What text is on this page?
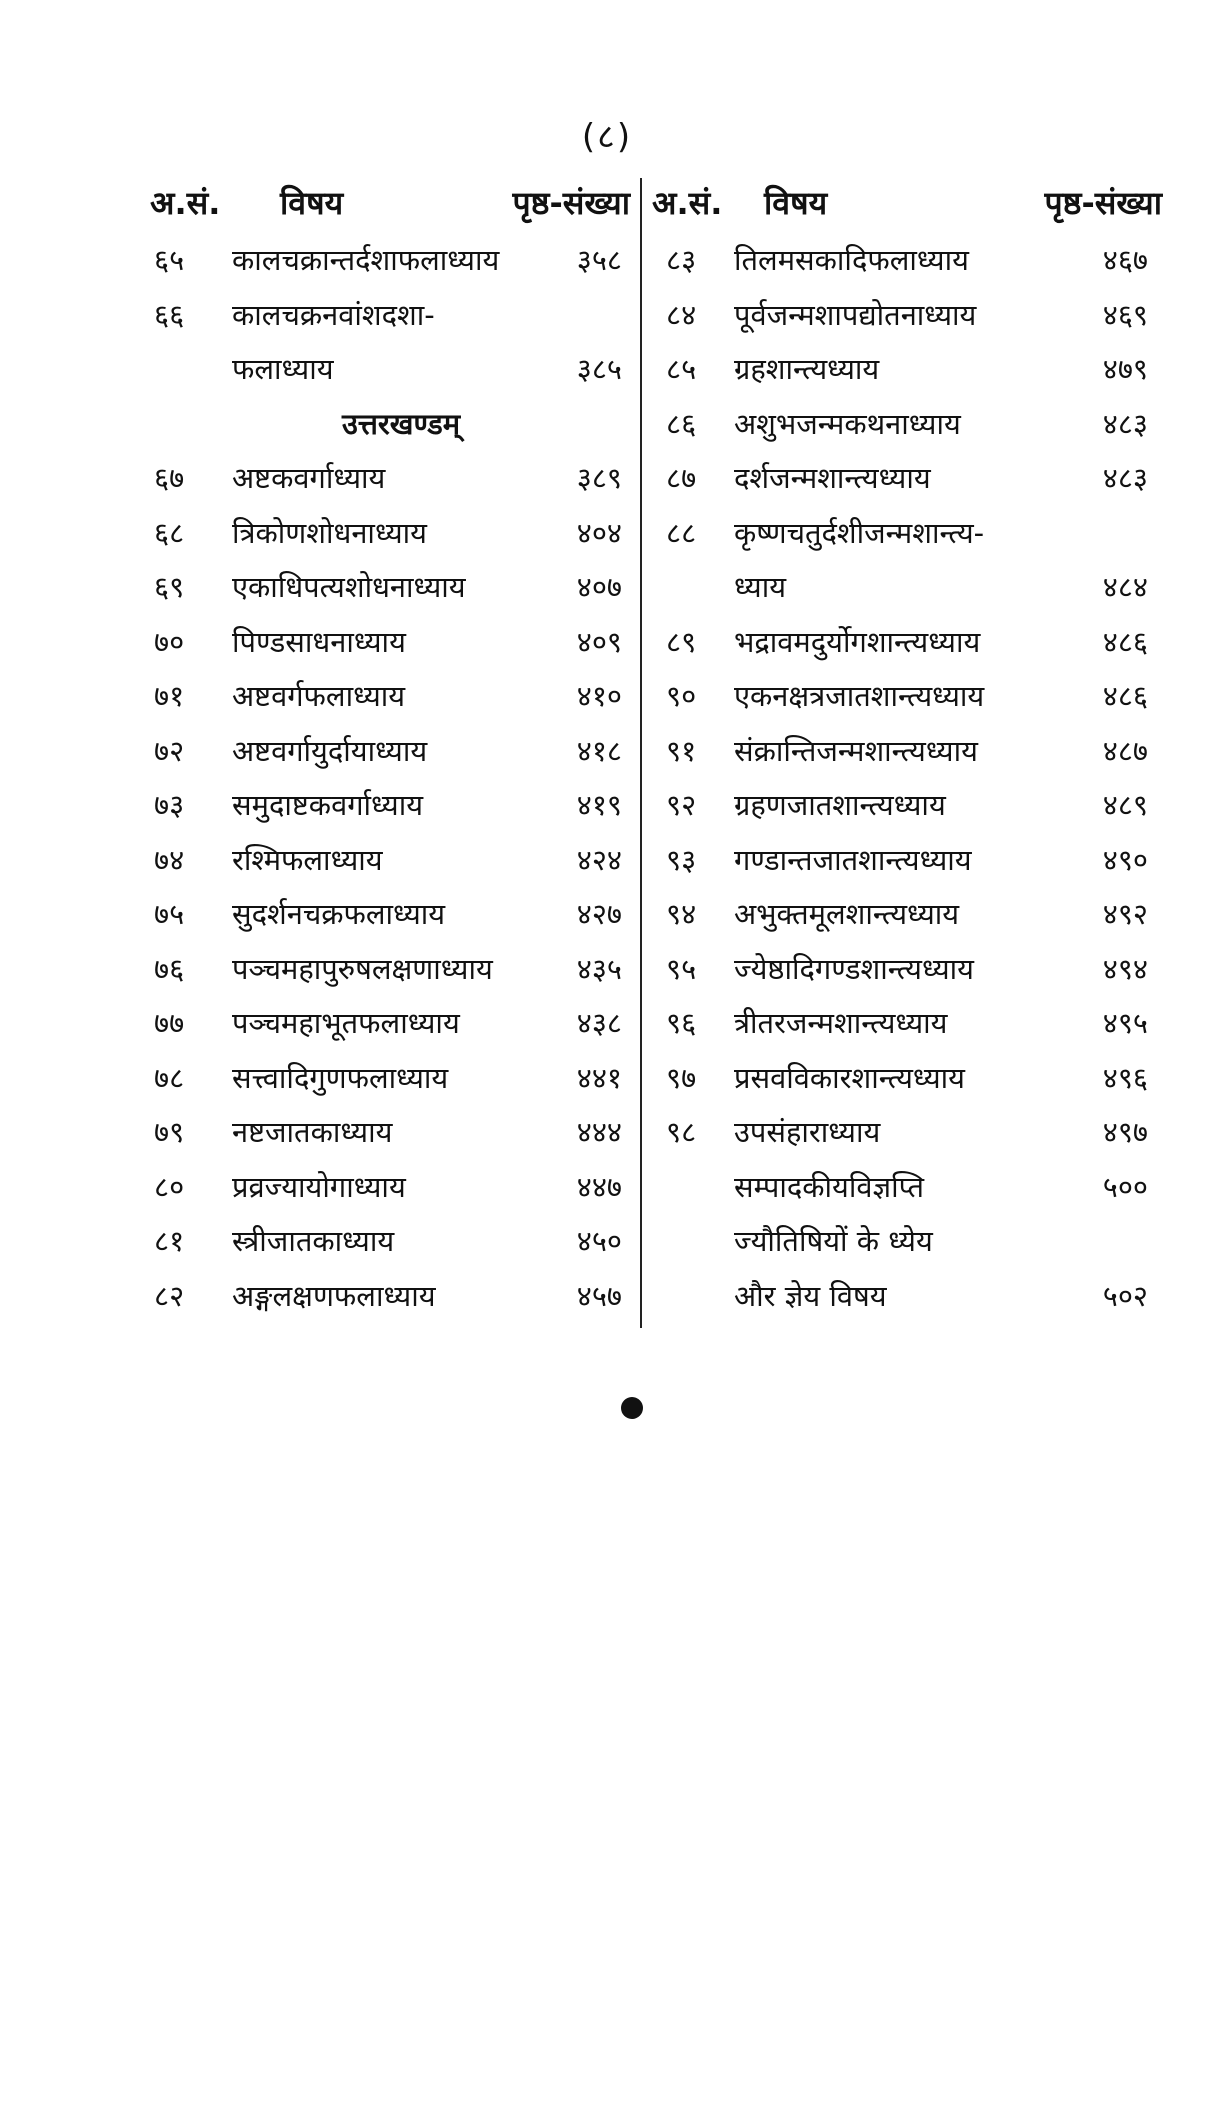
(८)
अ.सं. विषय	पृष्ठ-संख्या
६५ कालचक्रान्तर्दशाफलाध्याय	३५८
६६ कालचक्रनवांशदशा-
फलाध्याय	३८५
उत्तरखण्डम्
६७ अष्टकवर्गाध्याय	३८९
६८ त्रिकोणशोधनाध्याय	४०४
६९ एकाधिपत्यशोधनाध्याय	४०७
७० पिण्डसाधनाध्याय	४०९
७१ अष्टवर्गफलाध्याय	४१०
७२ अष्टवर्गायुर्दायाध्याय	४१८
७३ समुदाष्टकवर्गाध्याय	४१९
७४ रश्मिफलाध्याय	४२४
७५ सुदर्शनचक्रफलाध्याय	४२७
७६ पञ्चमहापुरुषलक्षणाध्याय	४३५
७७ पञ्चमहाभूतफलाध्याय	४३८
७८ सत्त्वादिगुणफलाध्याय	४४१
७९ नष्टजातकाध्याय	४४४
८० प्रव्रज्यायोगाध्याय	४४७
८१ स्त्रीजातकाध्याय	४५०
८२ अङ्गलक्षणफलाध्याय	४५७
अ.सं. विषय	पृष्ठ-संख्या
८३ तिलमसकादिफलाध्याय	४६७
८४ पूर्वजन्मशापद्योतनाध्याय	४६९
८५ ग्रहशान्त्यध्याय	४७९
८६ अशुभजन्मकथनाध्याय	४८३
८७ दर्शजन्मशान्त्यध्याय	४८३
८८ कृष्णचतुर्दशीजन्मशान्त्य-
ध्याय	४८४
८९ भद्रावमदुर्योगशान्त्यध्याय	४८६
९० एकनक्षत्रजातशान्त्यध्याय	४८६
९१ संक्रान्तिजन्मशान्त्यध्याय	४८७
९२ ग्रहणजातशान्त्यध्याय	४८९
९३ गण्डान्तजातशान्त्यध्याय	४९०
९४ अभुक्तमूलशान्त्यध्याय	४९२
९५ ज्येष्ठादिगण्डशान्त्यध्याय	४९४
९६ त्रीतरजन्मशान्त्यध्याय	४९५
९७ प्रसवविकारशान्त्यध्याय	४९६
९८ उपसंहाराध्याय	४९७
सम्पादकीयविज्ञप्ति	५००
ज्यौतिषियों के ध्येय
और ज्ञेय विषय	५०२
